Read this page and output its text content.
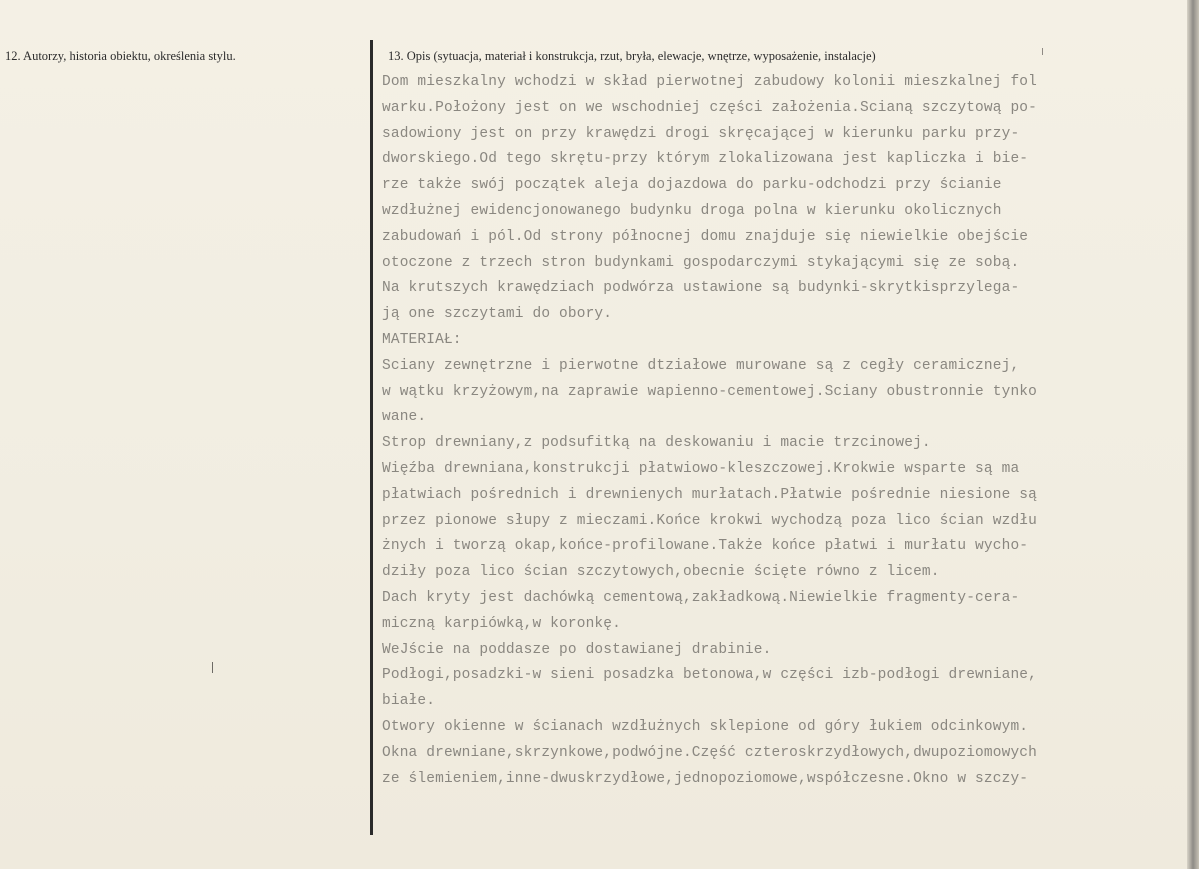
12. Autorzy, historia obiektu, określenia stylu.	13. Opis (sytuacja, materiał i konstrukcja, rzut, bryła, elewacje, wnętrze, wyposażenie, instalacje)
Dom mieszkalny wchodzi w skład pierwotnej zabudowy kolonii mieszkalnej fol
warku.Położony jest on we wschodniej części założenia.Scianą szczytową po-
sadowiony jest on przy krawędzi drogi skręcającej w kierunku parku przy-
dworskiego.Od tego skrętu-przy którym zlokalizowana jest kapliczka i bie-
rze także swój początek aleja dojazdowa do parku-odchodzi przy ścianie
wzdłużnej ewidencjonowanego budynku droga polna w kierunku okolicznych
zabudowań i pól.Od strony północnej domu znajduje się niewielkie obejście
otoczone z trzech stron budynkami gospodarczymi stykającymi się ze sobą.
Na krutszych krawędziach podwórza ustawione są budynki-skrytkisprzylega-
ją one szczytami do obory.
MATERIAŁ:
Sciany zewnętrzne i pierwotne dtziałowe murowane są z cegły ceramicznej,
w wątku krzyżowym,na zaprawie wapienno-cementowej.Sciany obustronnie tynko
wane.
Strop drewniany,z podsufitką na deskowaniu i macie trzcinowej.
Więźba drewniana,konstrukcji płatwiowo-kleszczowej.Krokwie wsparte są ma
płatwiach pośrednich i drewnienych murłatach.Płatwie pośrednie niesione są
przez pionowe słupy z mieczami.Końce krokwi wychodzą poza lico ścian wzdłu
żnych i tworzą okap,końce-profilowane.Także końce płatwi i murłatu wycho-
dziły poza lico ścian szczytowych,obecnie ścięte równo z licem.
Dach kryty jest dachówką cementową,zakładkową.Niewielkie fragmenty-cera-
miczną karpiówką,w koronkę.
WeJście na poddasze po dostawianej drabinie.
Podłogi,posadzki-w sieni posadzka betonowa,w części izb-podłogi drewniane,
białe.
Otwory okienne w ścianach wzdłużnych sklepione od góry łukiem odcinkowym.
Okna drewniane,skrzynkowe,podwójne.Część czteroskrzydłowych,dwupoziomowych
ze ślemieniem,inne-dwuskrzydłowe,jednopoziomowe,współczesne.Okno w szczy-
